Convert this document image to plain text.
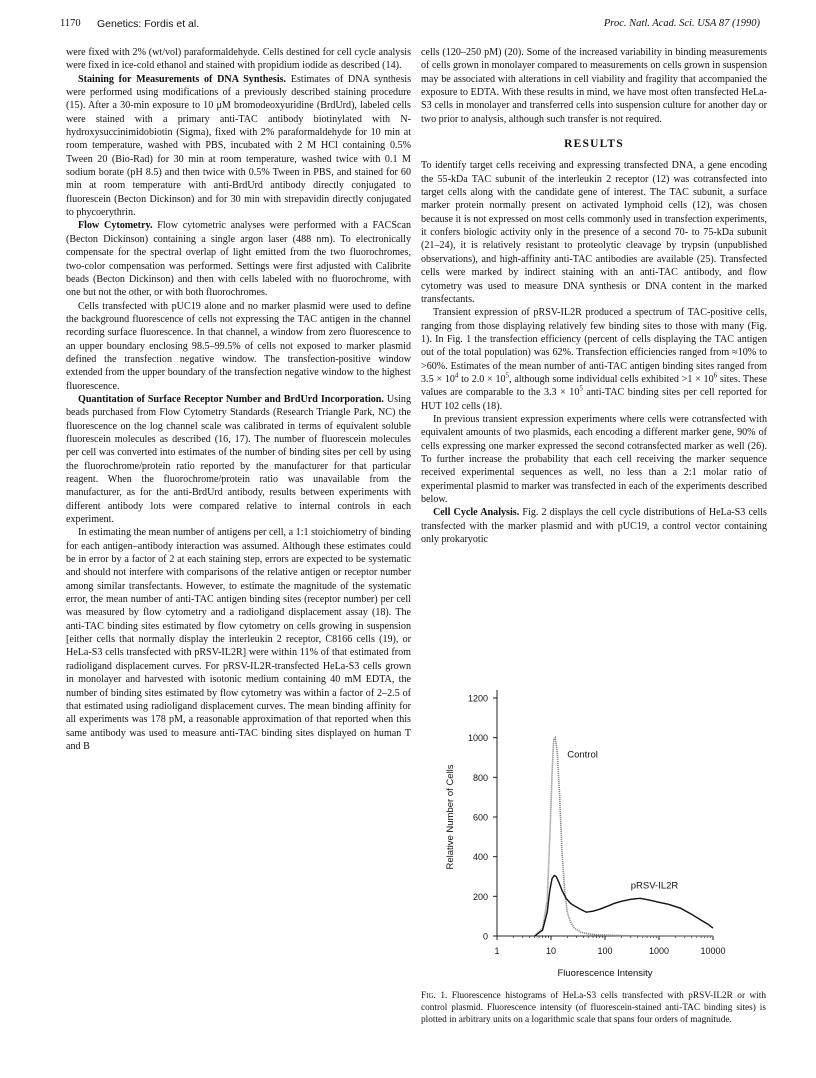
1170 Genetics: Fordis et al.	Proc. Natl. Acad. Sci. USA 87 (1990)

were fixed with 2% (wt/vol) paraformaldehyde. Cells destined for cell cycle analysis were fixed in ice-cold ethanol and stained with propidium iodide as described (14).

Staining for Measurements of DNA Synthesis. Estimates of DNA synthesis were performed using modifications of a previously described staining procedure (15). After a 30-min exposure to 10 μM bromodeoxyuridine (BrdUrd), labeled cells were stained with a primary anti-TAC antibody biotinylated with N-hydroxysuccinimidobiotin (Sigma), fixed with 2% paraformaldehyde for 10 min at room temperature, washed with PBS, incubated with 2 M HCl containing 0.5% Tween 20 (Bio-Rad) for 30 min at room temperature, washed twice with 0.1 M sodium borate (pH 8.5) and then twice with 0.5% Tween in PBS, and stained for 60 min at room temperature with anti-BrdUrd antibody directly conjugated to fluorescein (Becton Dickinson) and for 30 min with strepavidin directly conjugated to phycoerythrin.

Flow Cytometry. Flow cytometric analyses were performed with a FACScan (Becton Dickinson) containing a single argon laser (488 nm). To electronically compensate for the spectral overlap of light emitted from the two fluorochromes, two-color compensation was performed. Settings were first adjusted with Calibrite beads (Becton Dickinson) and then with cells labeled with no fluorochrome, with one but not the other, or with both fluorochromes.

Cells transfected with pUC19 alone and no marker plasmid were used to define the background fluorescence of cells not expressing the TAC antigen in the channel recording surface fluorescence. In that channel, a window from zero fluorescence to an upper boundary enclosing 98.5–99.5% of cells not exposed to marker plasmid defined the transfection negative window. The transfection-positive window extended from the upper boundary of the transfection negative window to the highest fluorescence.

Quantitation of Surface Receptor Number and BrdUrd Incorporation. Using beads purchased from Flow Cytometry Standards (Research Triangle Park, NC) the fluorescence on the log channel scale was calibrated in terms of equivalent soluble fluorescein molecules as described (16, 17). The number of fluorescein molecules per cell was converted into estimates of the number of binding sites per cell by using the fluorochrome/protein ratio reported by the manufacturer for that particular reagent. When the fluorochrome/protein ratio was unavailable from the manufacturer, as for the anti-BrdUrd antibody, results between experiments with different antibody lots were compared relative to internal controls in each experiment.

In estimating the mean number of antigens per cell, a 1:1 stoichiometry of binding for each antigen–antibody interaction was assumed. Although these estimates could be in error by a factor of 2 at each staining step, errors are expected to be systematic and should not interfere with comparisons of the relative antigen or receptor number among similar transfectants. However, to estimate the magnitude of the systematic error, the mean number of anti-TAC antigen binding sites (receptor number) per cell was measured by flow cytometry and a radioligand displacement assay (18). The anti-TAC binding sites estimated by flow cytometry on cells growing in suspension [either cells that normally display the interleukin 2 receptor, C8166 cells (19), or HeLa-S3 cells transfected with pRSV-IL2R] were within 11% of that estimated from radioligand displacement curves. For pRSV-IL2R-transfected HeLa-S3 cells grown in monolayer and harvested with isotonic medium containing 40 mM EDTA, the number of binding sites estimated by flow cytometry was within a factor of 2–2.5 of that estimated using radioligand displacement curves. The mean binding affinity for all experiments was 178 pM, a reasonable approximation of that reported when this same antibody was used to measure anti-TAC binding sites displayed on human T and B

cells (120–250 pM) (20). Some of the increased variability in binding measurements of cells grown in monolayer compared to measurements on cells grown in suspension may be associated with alterations in cell viability and fragility that accompanied the exposure to EDTA. With these results in mind, we have most often transfected HeLa-S3 cells in monolayer and transferred cells into suspension culture for another day or two prior to analysis, although such transfer is not required.

RESULTS

To identify target cells receiving and expressing transfected DNA, a gene encoding the 55-kDa TAC subunit of the interleukin 2 receptor (12) was cotransfected into target cells along with the candidate gene of interest. The TAC subunit, a surface marker protein normally present on activated lymphoid cells (12), was chosen because it is not expressed on most cells commonly used in transfection experiments, it confers biologic activity only in the presence of a second 70- to 75-kDa subunit (21–24), it is relatively resistant to proteolytic cleavage by trypsin (unpublished observations), and high-affinity anti-TAC antibodies are available (25). Transfected cells were marked by indirect staining with an anti-TAC antibody, and flow cytometry was used to measure DNA synthesis or DNA content in the marked transfectants.

Transient expression of pRSV-IL2R produced a spectrum of TAC-positive cells, ranging from those displaying relatively few binding sites to those with many (Fig. 1). In Fig. 1 the transfection efficiency (percent of cells displaying the TAC antigen out of the total population) was 62%. Transfection efficiencies ranged from ≈10% to >60%. Estimates of the mean number of anti-TAC antigen binding sites ranged from $3.5 \times 10^4$ to $2.0 \times 10^5$, although some individual cells exhibited $>1 \times 10^6$ sites. These values are comparable to the $3.3 \times 10^5$ anti-TAC binding sites per cell reported for HUT 102 cells (18).

In previous transient expression experiments where cells were cotransfected with equivalent amounts of two plasmids, each encoding a different marker gene, 90% of cells expressing one marker expressed the second cotransfected marker as well (26). To further increase the probability that each cell receiving the marker sequence received experimental sequences as well, no less than a 2:1 molar ratio of experimental plasmid to marker was transfected in each of the experiments described below.

Cell Cycle Analysis. Fig. 2 displays the cell cycle distributions of HeLa-S3 cells transfected with the marker plasmid and with pUC19, a control vector containing only prokaryotic

0
200
400
600
800
1000
1200
1	10	100	1000	10000
Fluorescence Intensity
Relative Number of Cells
Control
pRSV-IL2R
Fig. 1. Fluorescence histograms of HeLa-S3 cells transfected with pRSV-IL2R or with control plasmid. Fluorescence intensity (of fluorescein-stained anti-TAC binding sites) is plotted in arbitrary units on a logarithmic scale that spans four orders of magnitude.
